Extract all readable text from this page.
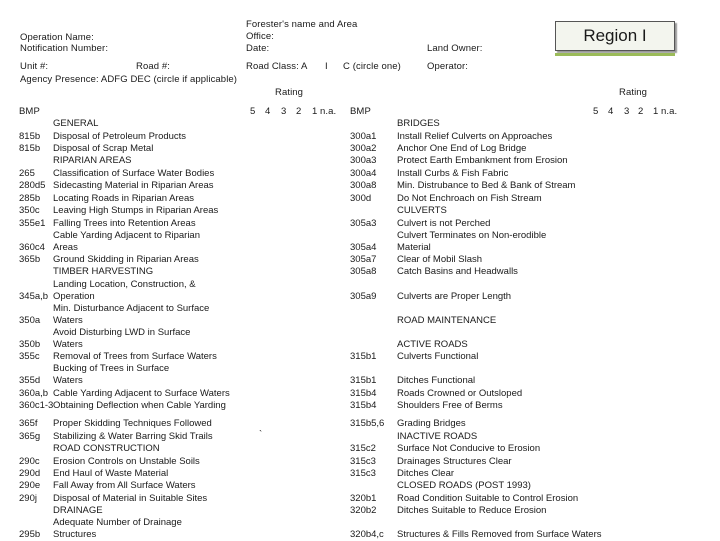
Operation Name:
Notification Number:
Forester's name and Area
Office:
Date:	Land Owner:
Region I
Unit #:	Road #:	Road Class: A I C (circle one)	Operator:
Agency Presence: ADFG DEC (circle if applicable)
Rating	Rating
BMP	BMP
5 4 3 2 1 n.a.	5 4 3 2 1 n.a.
GENERAL
815b Disposal of Petroleum Products
815b Disposal of Scrap Metal
RIPARIAN AREAS
265 Classification of Surface Water Bodies
280d5 Sidecasting Material in Riparian Areas
285b Locating Roads in Riparian Areas
350c Leaving High Stumps in Riparian Areas
355e1 Falling Trees into Retention Areas
Cable Yarding Adjacent to Riparian
360c4 Areas
365b Ground Skidding in Riparian Areas
TIMBER HARVESTING
Landing Location, Construction, &
345a,b Operation
Min. Disturbance Adjacent to Surface
350a Waters
Avoid Disturbing LWD in Surface
350b Waters
355c Removal of Trees from Surface Waters
Bucking of Trees in Surface
355d Waters
360a,b Cable Yarding Adjacent to Surface Waters
360c1-3 Obtaining Deflection when Cable Yarding
365f Proper Skidding Techniques Followed
365g Stabilizing & Water Barring Skid Trails
ROAD CONSTRUCTION
290c Erosion Controls on Unstable Soils
290d End Haul of Waste Material
290e Fall Away from All Surface Waters
290j Disposal of Material in Suitable Sites
DRAINAGE
Adequate Number of Drainage
295b Structures
BRIDGES
300a1 Install Relief Culverts on Approaches
300a2 Anchor One End of Log Bridge
300a3 Protect Earth Embankment from Erosion
300a4 Install Curbs & Fish Fabric
300a8 Min. Distrubance to Bed & Bank of Stream
300d	Do Not Enchroach on Fish Stream
CULVERTS
305a3 Culvert is not Perched
Culvert Terminates on Non-erodible
305a4 Material
305a7 Clear of Mobil Slash
305a8 Catch Basins and Headwalls
305a9 Culverts are Proper Length
ROAD MAINTENANCE
ACTIVE ROADS
315b1 Culverts Functional
315b1 Ditches Functional
315b4 Roads Crowned or Outsloped
315b4 Shoulders Free of Berms
315b5,6 Grading Bridges
INACTIVE ROADS
315c2 Surface Not Conducive to Erosion
315c3 Drainages Structures Clear
315c3 Ditches Clear
CLOSED ROADS (POST 1993)
320b1 Road Condition Suitable to Control Erosion
320b2 Ditches Suitable to Reduce Erosion
320b4,c Structures & Fills Removed from Surface Waters
`
